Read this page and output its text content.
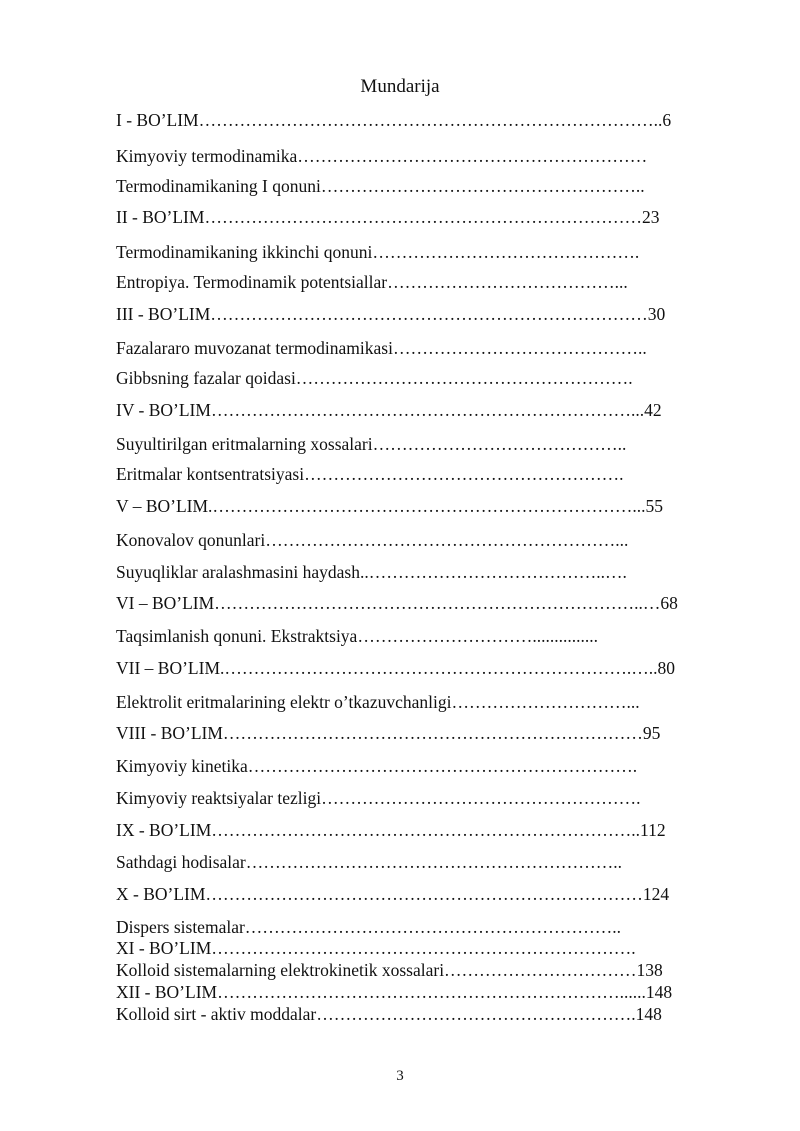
Mundarija
I - BO’LIM……………………………………………………………………..6
Kimyoviy termodinamika……………………………………………………
Termodinamikaning I qonuni………………………………………………..
II - BO’LIM…………………………………………………………………23
Termodinamikaning ikkinchi qonuni……………………………………….
Entropiya. Termodinamik potentsiallar…………………………………...
III - BO’LIM…………………………………………………………………30
Fazalararo muvozanat termodinamikasi……………………………………..
Gibbsning fazalar qoidasi………………………………………………….
IV - BO’LIM………………………………………………………………...42
Suyultirilgan eritmalarning xossalari……………………………………..
Eritmalar kontsentratsiyasi……………………………………………….
V – BO’LIM.………………………………………………………………...55
Konovalov qonunlari……………………………………………………...
Suyuqliklar aralashmasini haydash..…………………………………..….
VI – BO’LIM………………………………………………………………..…68
Taqsimlanish qonuni. Ekstraktsiya…………………………...............
VII – BO’LIM.…………………………………………………………….…..80
Elektrolit eritmalarining elektr o’tkazuvchanligi…………………………...
VIII - BO’LIM………………………………………………………………95
Kimyoviy kinetika………………………………………………………….
Kimyoviy reaktsiyalar tezligi……………………………………………….
IX - BO’LIM………………………………………………………………..112
Sathdagi hodisalar………………………………………………………..
X - BO’LIM…………………………………………………………………124
Dispers sistemalar………………………………………………………..
XI - BO’LIM……………………………………………………………….
Kolloid sistemalarning elektrokinetik xossalari……………………………138
XII - BO’LIM……………………………………………………………......148
Kolloid sirt - aktiv moddalar……………………………………………….148
3
